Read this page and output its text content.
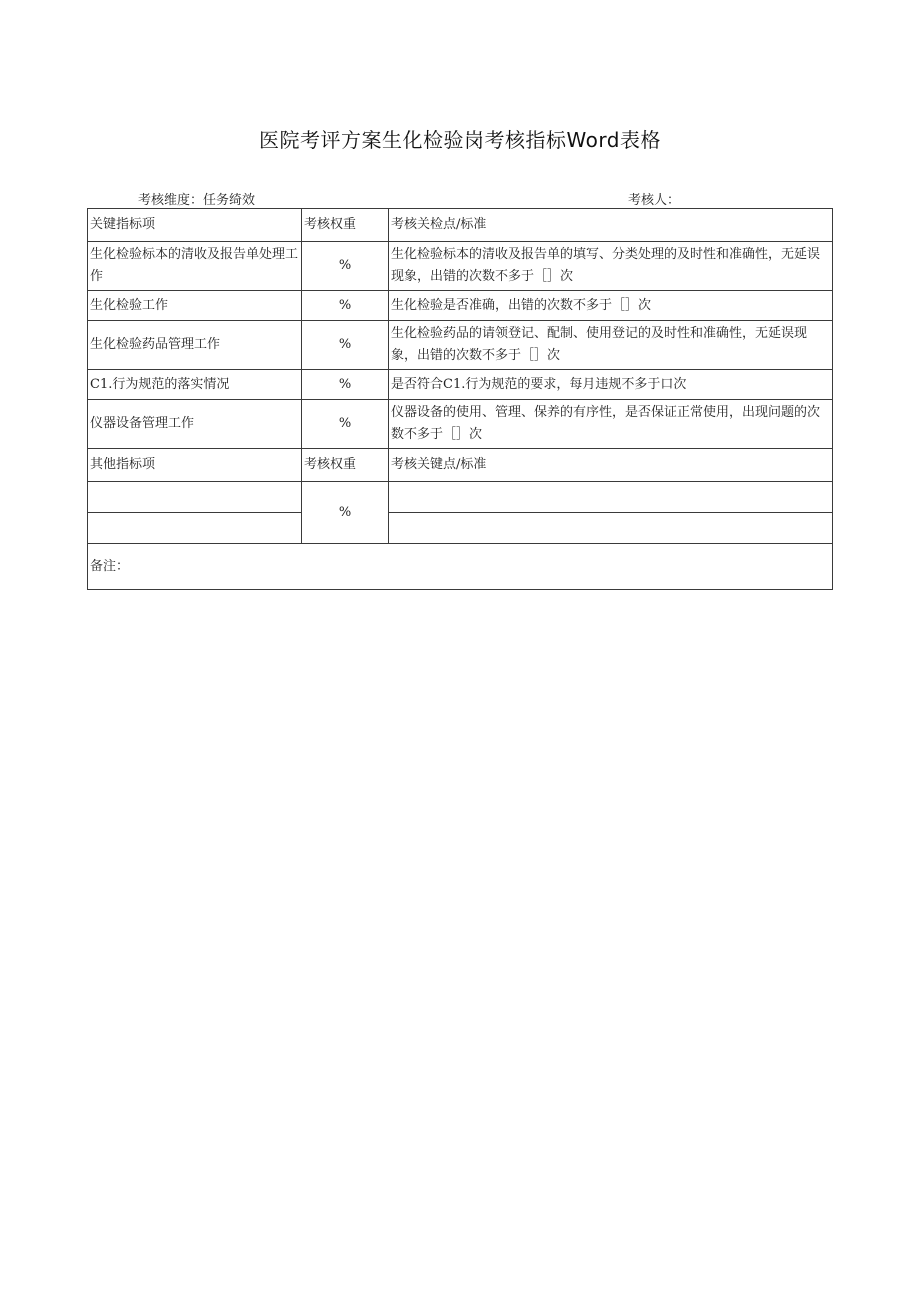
医院考评方案生化检验岗考核指标Word表格
考核维度：任务绮效	考核人：
关键指标项	考核权重	考核关检点/标准
生化检验标本的清收及报告单处理工作	%	生化检验标本的清收及报告单的填写、分类处理的及时性和准确性，无延误现象，出错的次数不多于［］次
生化检验工作	%	生化检验是否准确，出错的次数不多于［］次
生化检验药品管理工作	%	生化检验药品的请领登记、配制、使用登记的及时性和准确性，无延误现象，出错的次数不多于［］次
C1.行为规范的落实情况	%	是否符合C1.行为规范的要求，每月违规不多于口次
仪器设备管理工作	%	仪器设备的使用、管理、保养的有序性，是否保证正常使用，出现问题的次数不多于［］次
其他指标项	考核权重	考核关键点/标准
	%	

备注：		
